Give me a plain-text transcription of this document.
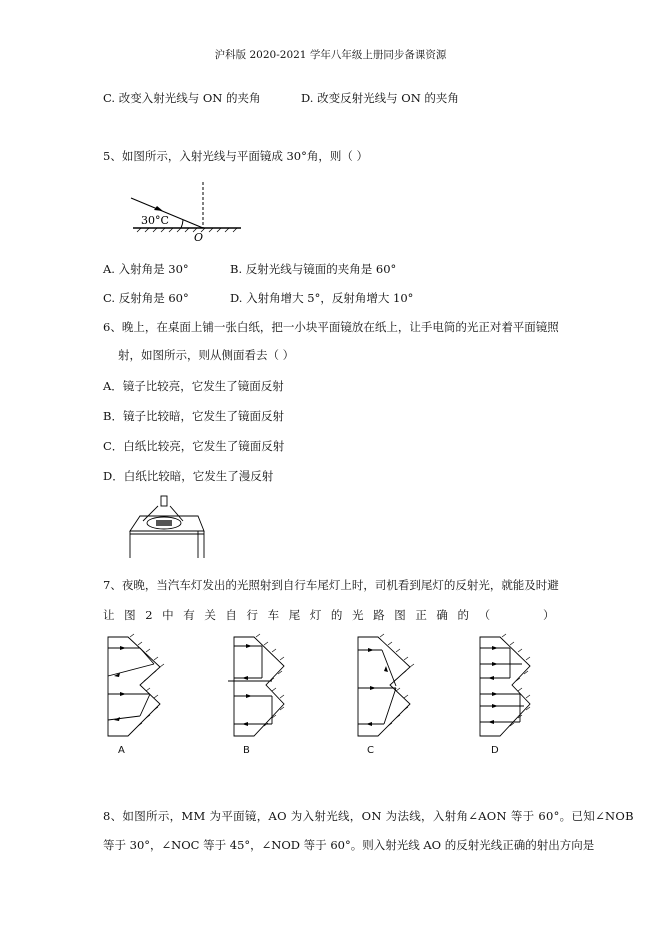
沪科版 2020-2021 学年八年级上册同步备课资源
C. 改变入射光线与 ON 的夹角	D. 改变反射光线与 ON 的夹角
5、如图所示，入射光线与平面镜成 30°角，则（ ）
30°C
O
A. 入射角是 30°	B. 反射光线与镜面的夹角是 60°
C. 反射角是 60°	D. 入射角增大 5°，反射角增大 10°
6、晚上，在桌面上铺一张白纸，把一小块平面镜放在纸上，让手电筒的光正对着平面镜照
射，如图所示，则从侧面看去（ ）
A．镜子比较亮，它发生了镜面反射
B．镜子比较暗，它发生了镜面反射
C．白纸比较亮，它发生了镜面反射
D．白纸比较暗，它发生了漫反射
7、夜晚，当汽车灯发出的光照射到自行车尾灯上时，司机看到尾灯的反射光，就能及时避
让图2中有关自行车尾灯的光路图正确的（	）
A	B	C	D
8、如图所示，MM 为平面镜，AO 为入射光线，ON 为法线，入射角∠AON 等于 60°。已知∠NOB
等于 30°，∠NOC 等于 45°，∠NOD 等于 60°。则入射光线 AO 的反射光线正确的射出方向是
